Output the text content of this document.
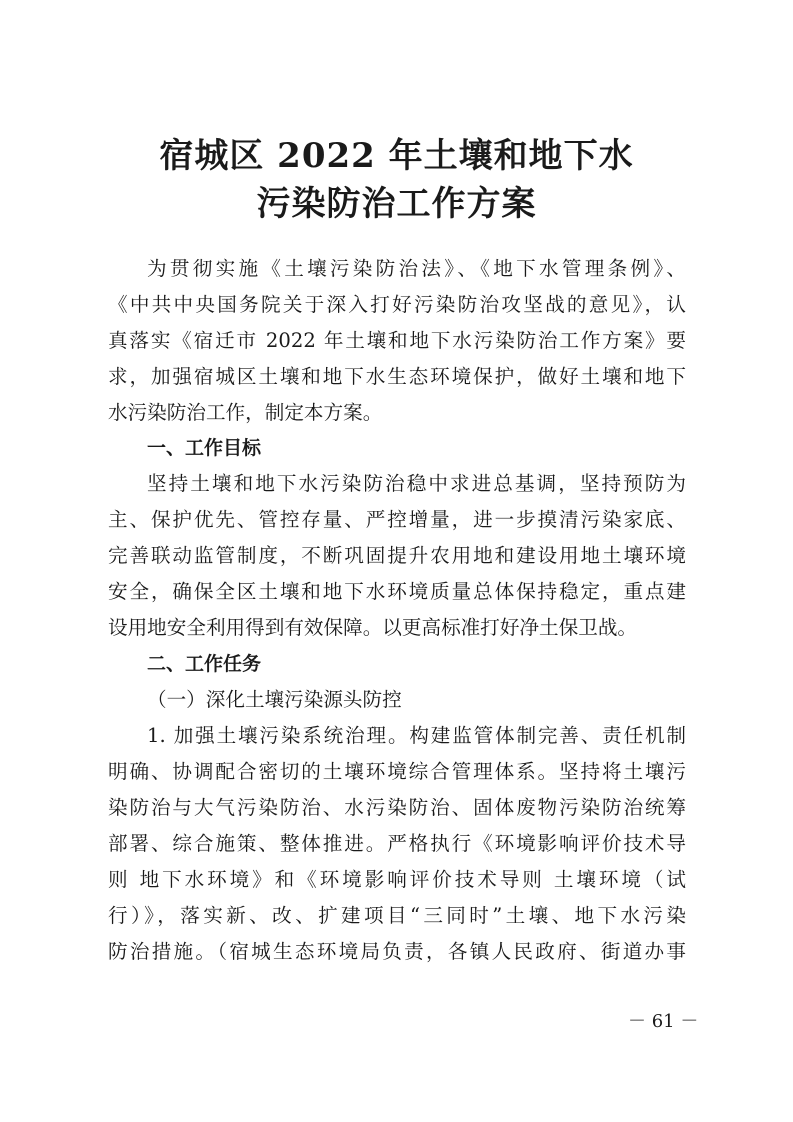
宿城区 2022 年土壤和地下水
污染防治工作方案
为贯彻实施《土壤污染防治法》、《地下水管理条例》、
《中共中央国务院关于深入打好污染防治攻坚战的意见》，认
真落实《宿迁市 2022 年土壤和地下水污染防治工作方案》要
求，加强宿城区土壤和地下水生态环境保护，做好土壤和地下
水污染防治工作，制定本方案。
一、工作目标
坚持土壤和地下水污染防治稳中求进总基调，坚持预防为
主、保护优先、管控存量、严控增量，进一步摸清污染家底、
完善联动监管制度，不断巩固提升农用地和建设用地土壤环境
安全，确保全区土壤和地下水环境质量总体保持稳定，重点建
设用地安全利用得到有效保障。以更高标准打好净土保卫战。
二、工作任务
（一）深化土壤污染源头防控
1. 加强土壤污染系统治理。构建监管体制完善、责任机制
明确、协调配合密切的土壤环境综合管理体系。坚持将土壤污
染防治与大气污染防治、水污染防治、固体废物污染防治统筹
部署、综合施策、整体推进。严格执行《环境影响评价技术导
则 地下水环境》和《环境影响评价技术导则 土壤环境（试
行）》，落实新、改、扩建项目“三同时”土壤、地下水污染
防治措施。（宿城生态环境局负责，各镇人民政府、街道办事
－ 61 －
